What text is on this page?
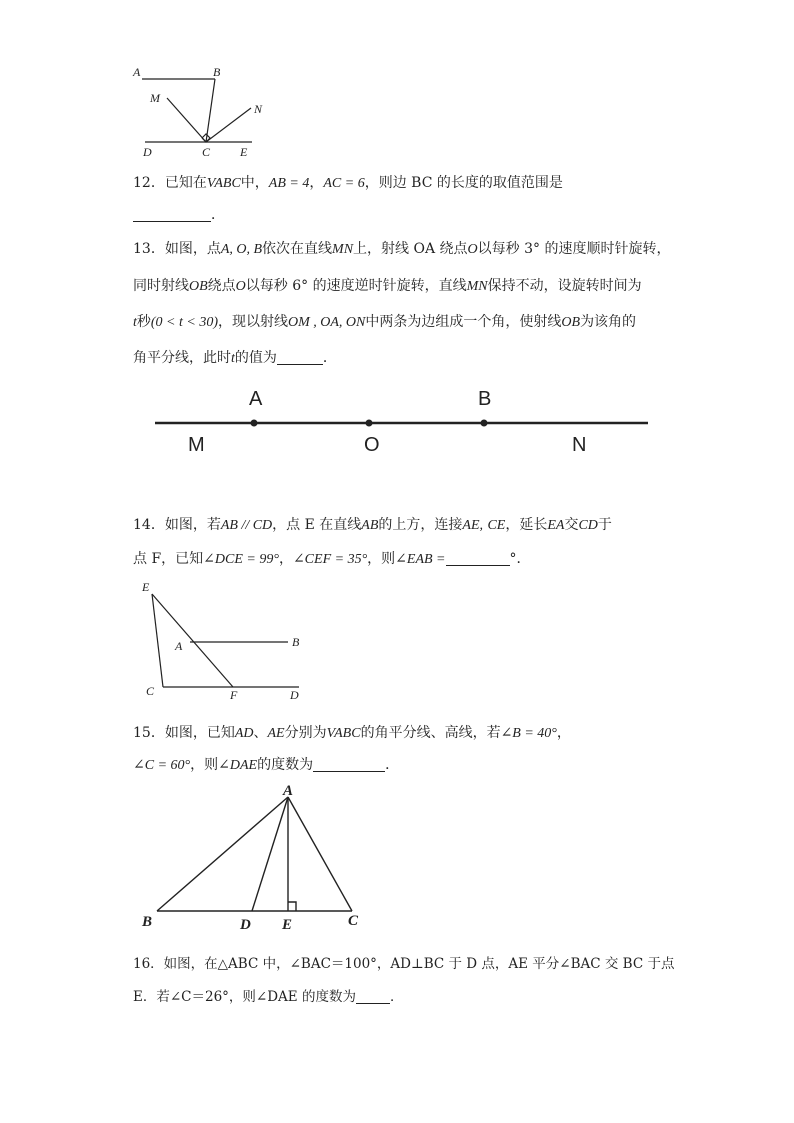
A	B
M
N
D	C E
A	B
M	O	N
E
A	B
C	F	D
A
B	D E	C
12．已知在VABC中，AB = 4，AC = 6，则边 BC 的长度的取值范围是
．
13．如图，点A, O, B依次在直线MN上，射线 OA 绕点O以每秒 3° 的速度顺时针旋转，
同时射线OB绕点O以每秒 6° 的速度逆时针旋转，直线MN保持不动，设旋转时间为
t秒(0 < t < 30)，现以射线OM , OA, ON中两条为边组成一个角，使射线OB为该角的
角平分线，此时t的值为	．
14．如图，若AB // CD，点 E 在直线AB的上方，连接AE, CE，延长EA交CD于
点 F，已知∠DCE = 99°，∠CEF = 35°，则∠EAB =	°．
15．如图，已知AD、AE分别为VABC的角平分线、高线，若∠B = 40°，
∠C = 60°，则∠DAE的度数为	．
16．如图，在△ABC 中，∠BAC＝100°，AD⊥BC 于 D 点，AE 平分∠BAC 交 BC 于点
E．若∠C＝26°，则∠DAE 的度数为	．
